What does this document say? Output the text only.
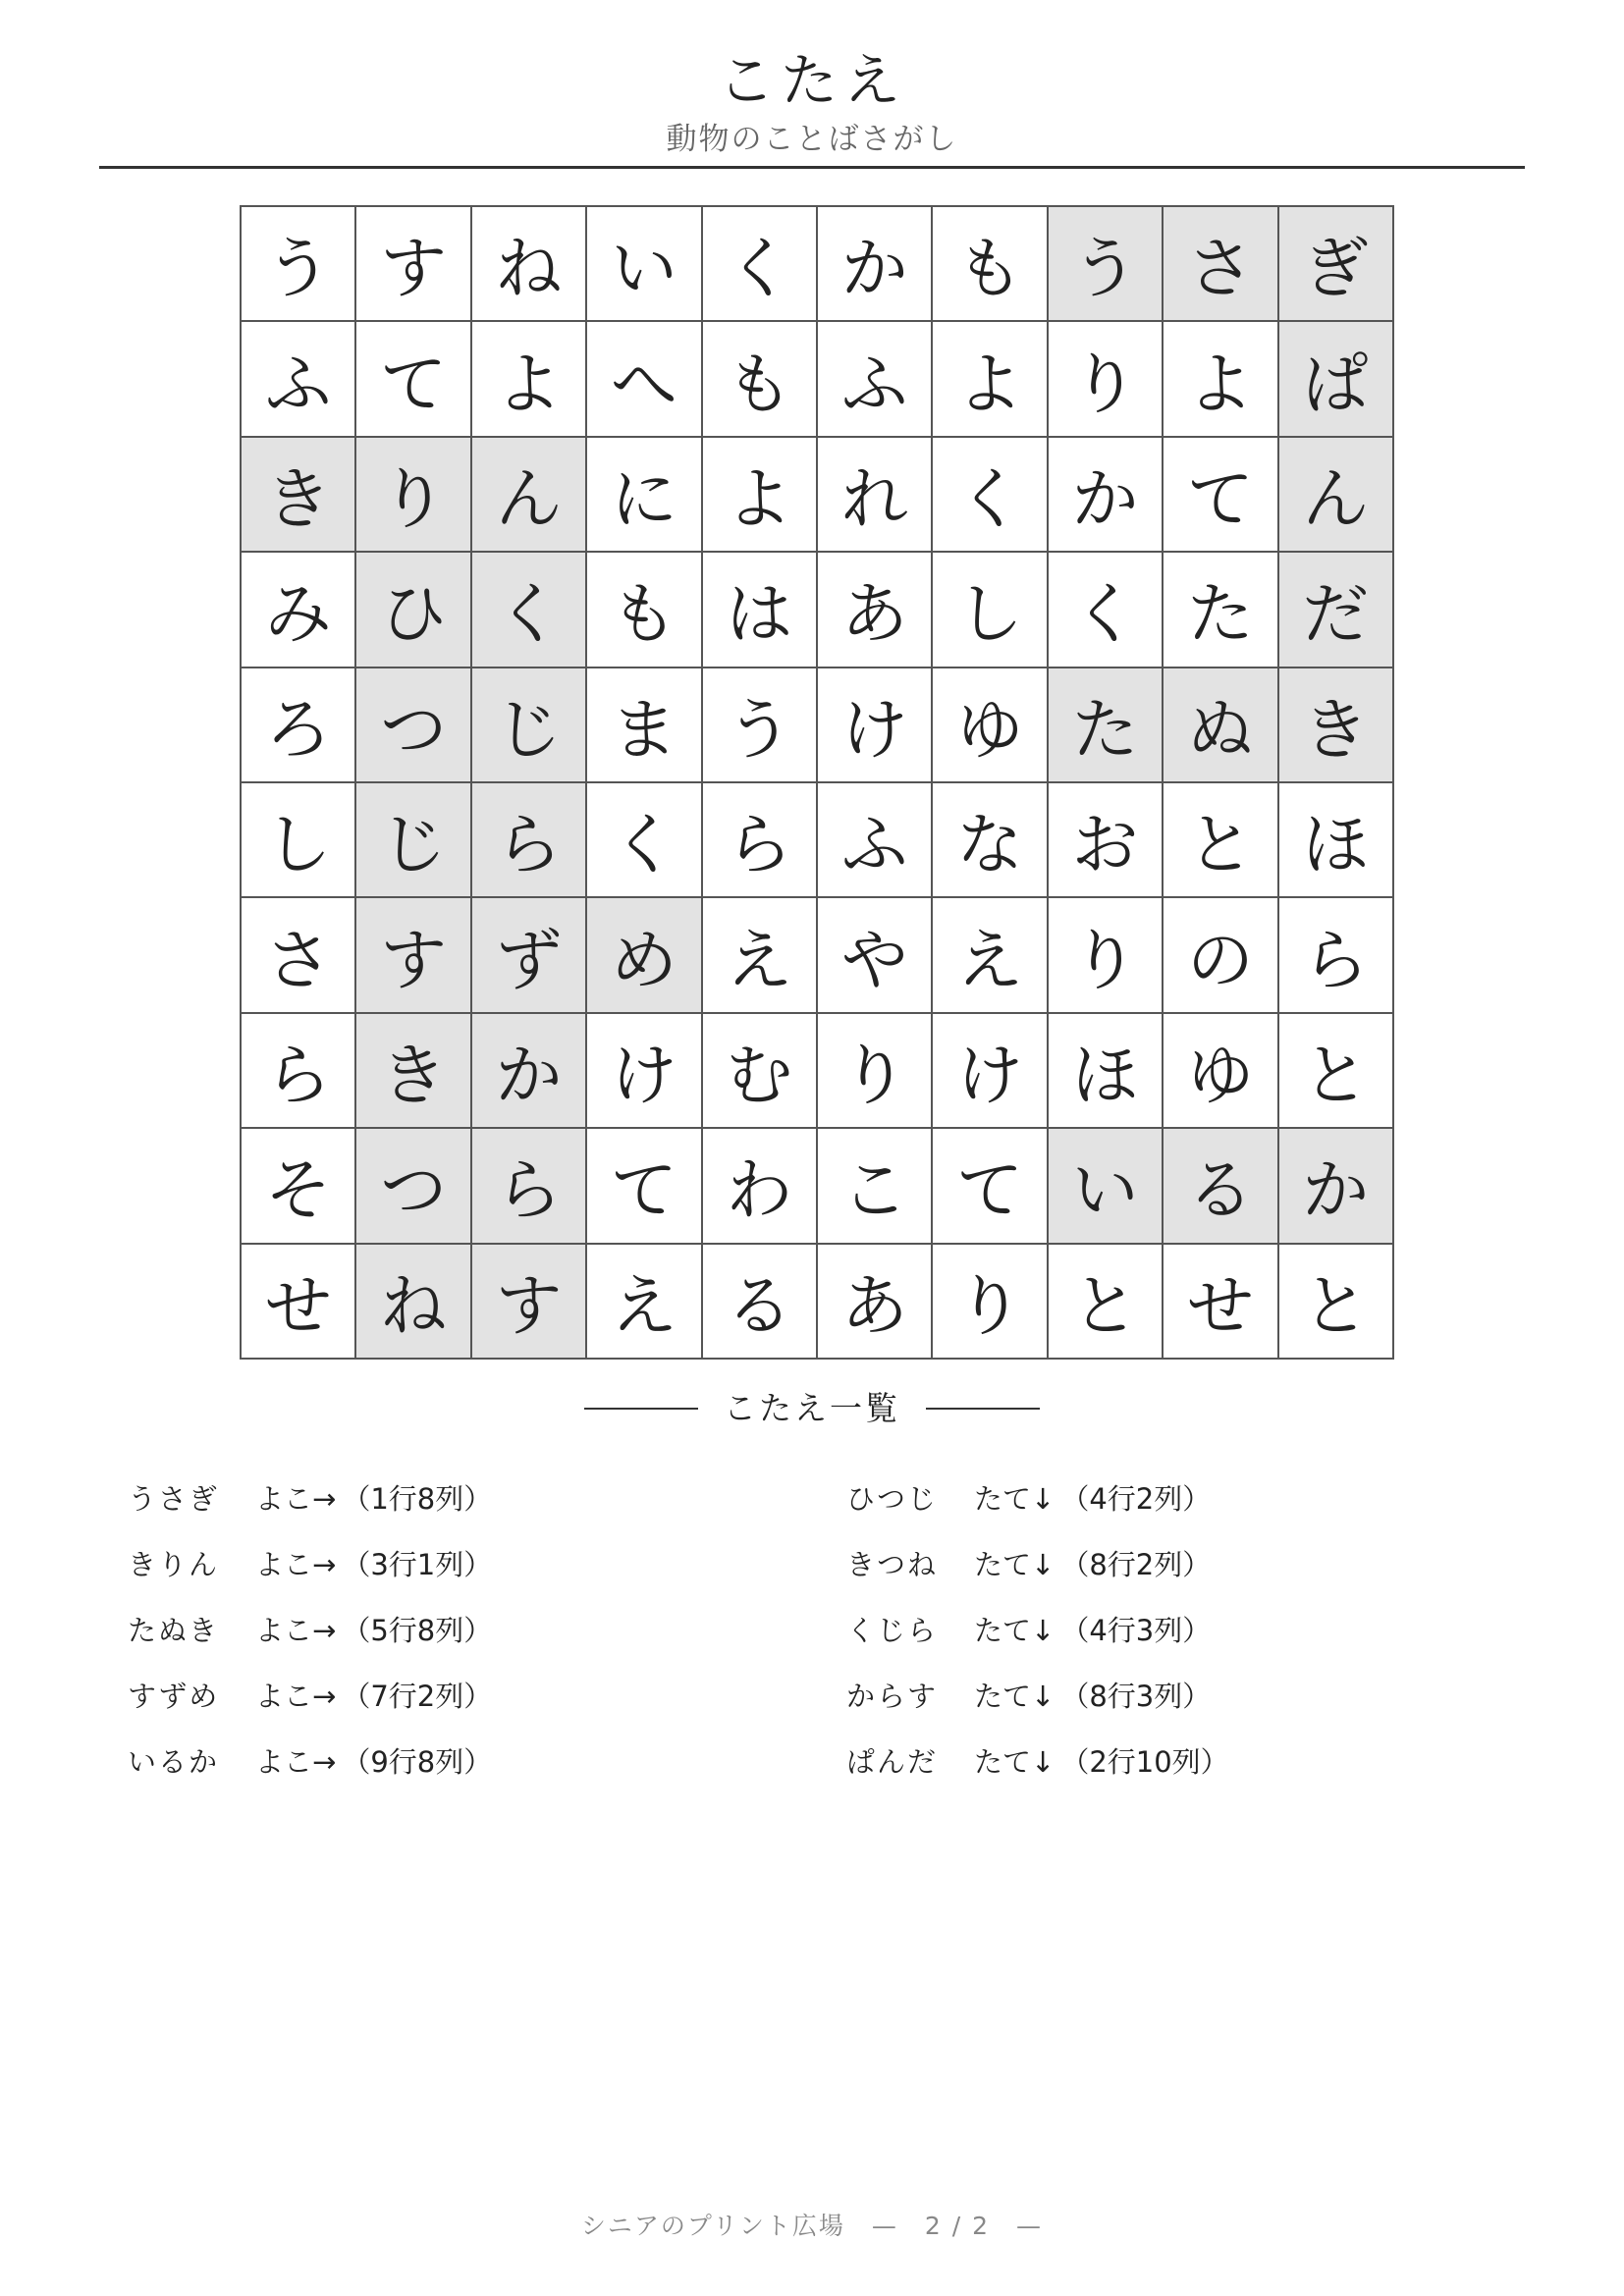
こたえ
動物のことばさがし
う す ね い く か も う さ ぎ
ふ て よ へ も ふ よ り よ ぱ
き り ん に よ れ く か て ん
み ひ く も は あ し く た だ
ろ つ じ ま う け ゆ た ぬ き
し じ ら く ら ふ な お と ほ
さ す ず め え や え り の ら
ら き か け む り け ほ ゆ と
そ つ ら て わ こ て い る か
せ ね す え る あ り と せ と
こたえ一覧
うさぎ	よこ→ （1行8列）
きりん	よこ→ （3行1列）
たぬき	よこ→ （5行8列）
すずめ	よこ→ （7行2列）
いるか	よこ→ （9行8列）
ひつじ	たて↓ （4行2列）
きつね	たて↓ （8行2列）
くじら	たて↓ （4行3列）
からす	たて↓ （8行3列）
ぱんだ	たて↓ （2行10列）
シニアのプリント広場　—　2 / 2　—
